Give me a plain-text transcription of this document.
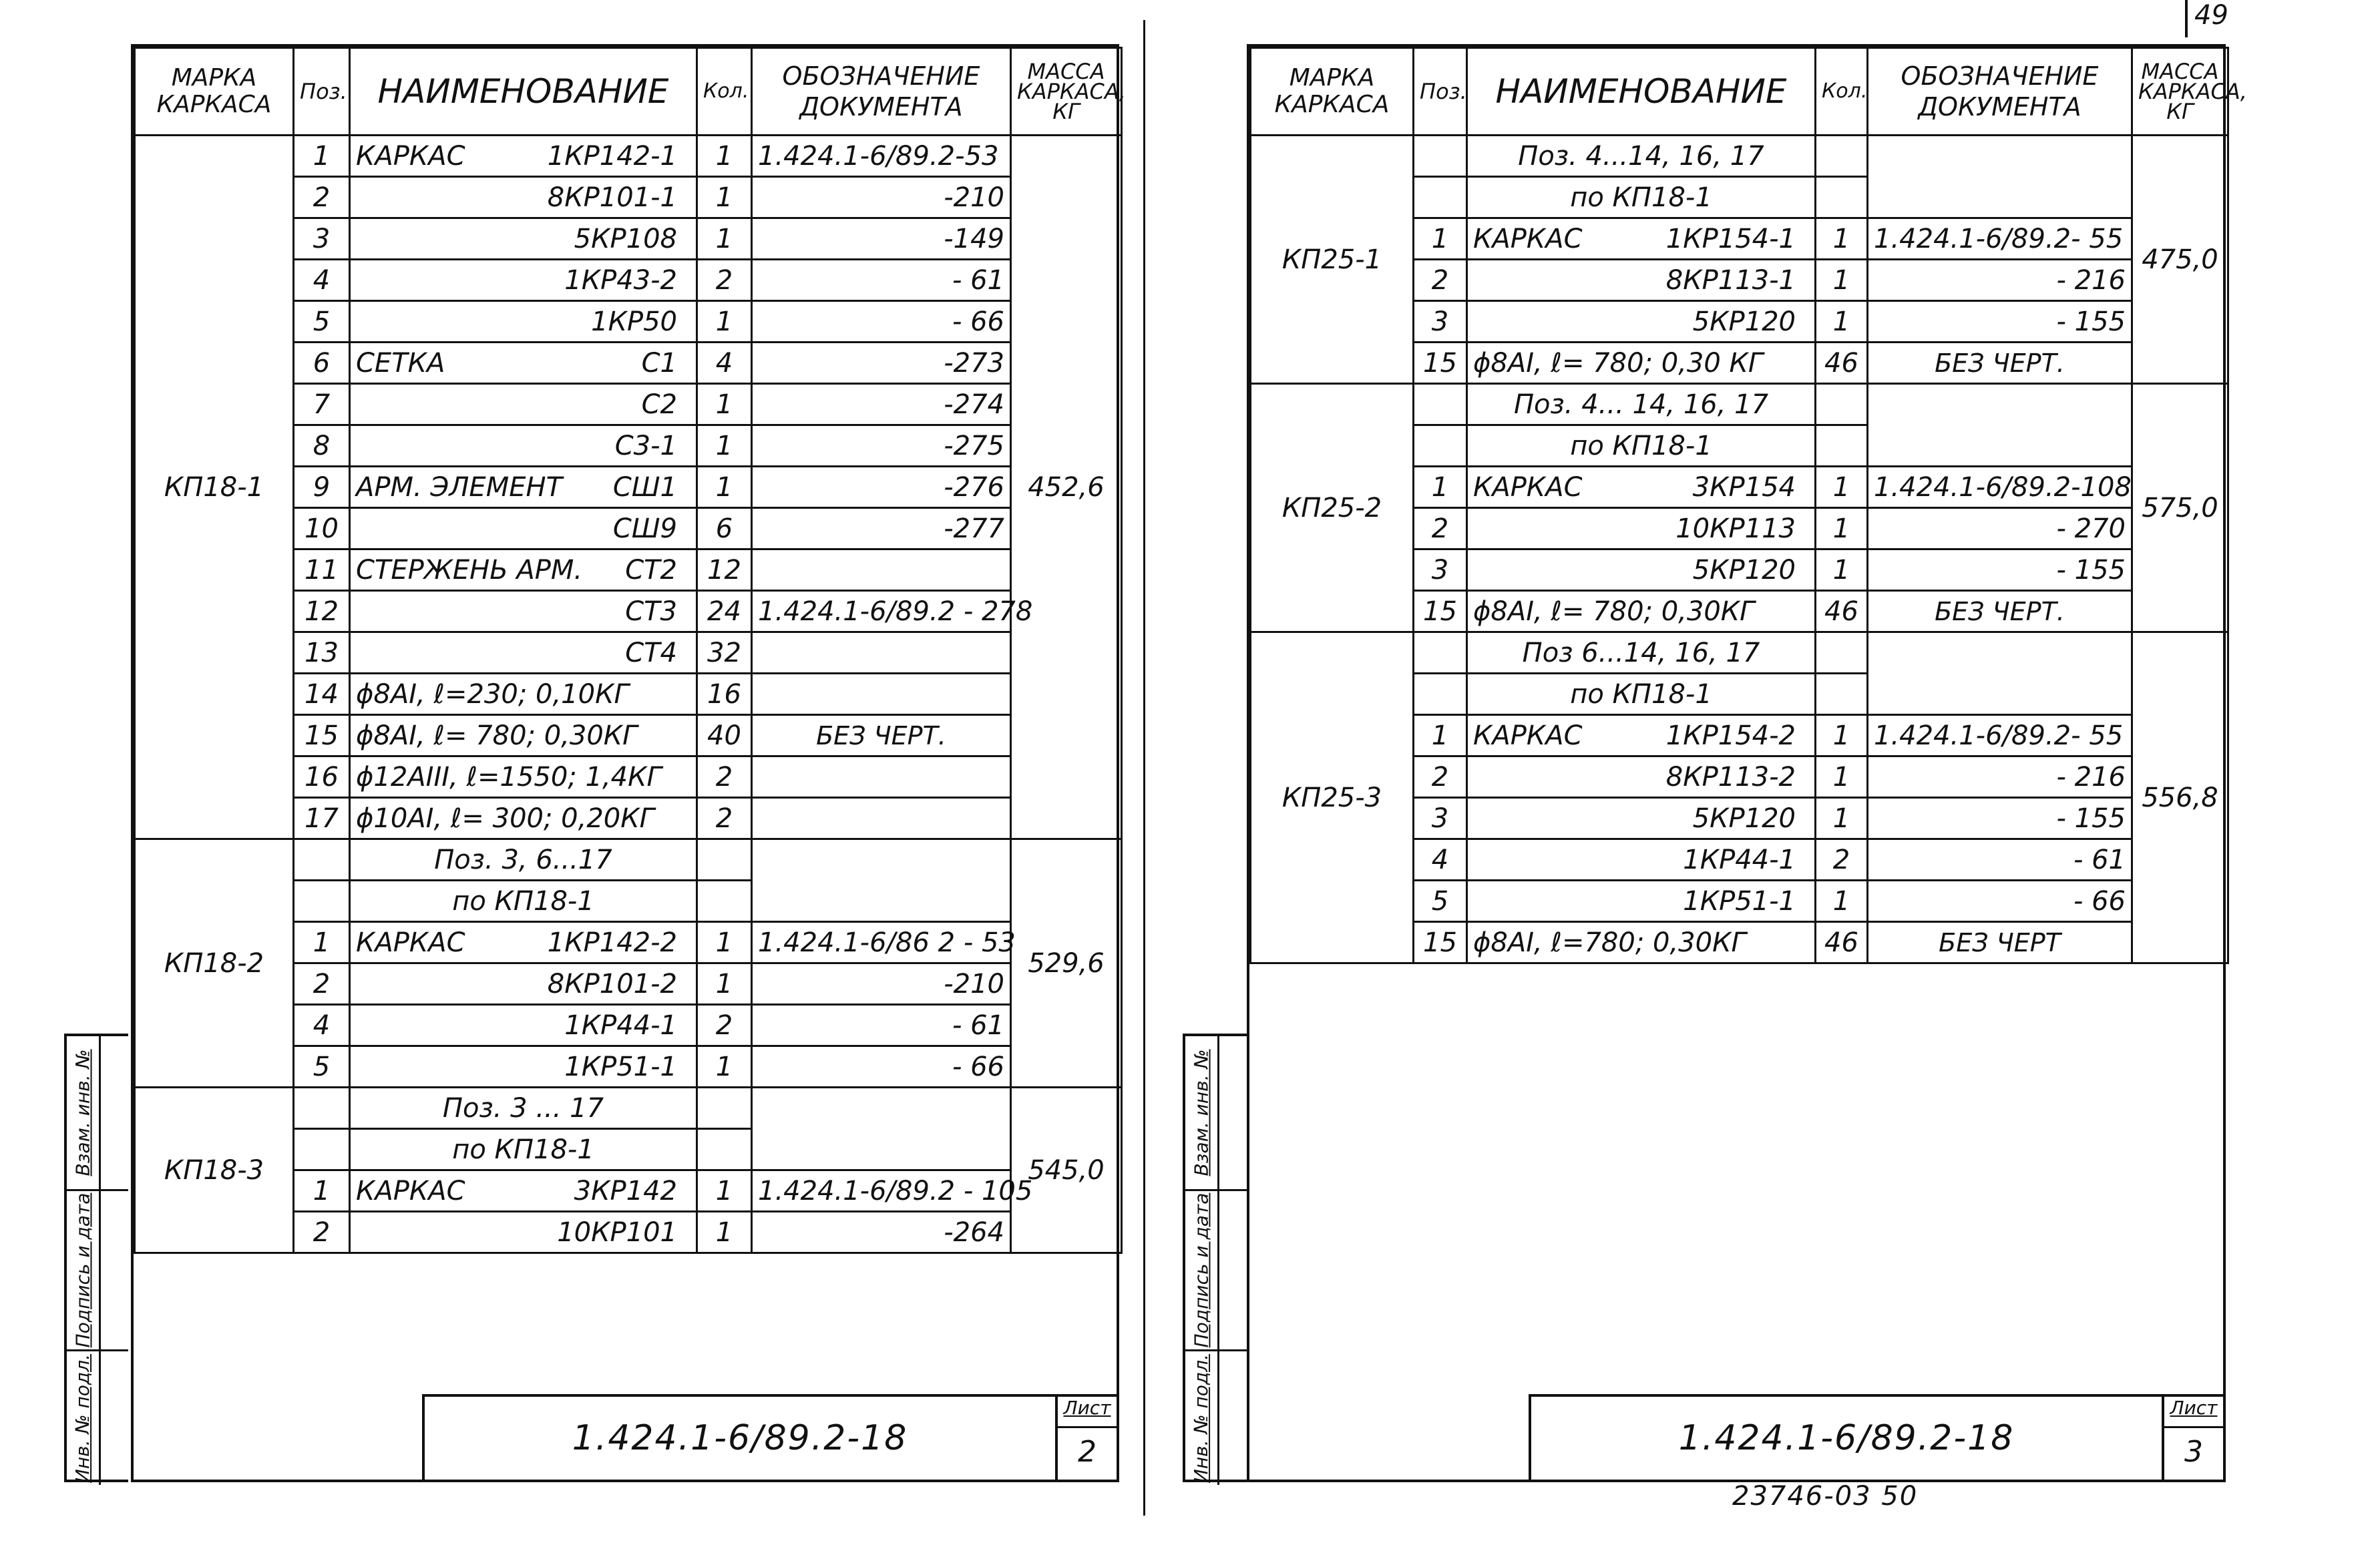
49
Взам. инв. №
Подпись и дата
Инв. № подл.
Взам. инв. №
Подпись и дата
Инв. № подл.
МАРКА КАРКАСА	Поз.	НАИМЕНОВАНИЕ	Кол.	ОБОЗНАЧЕНИЕ ДОКУМЕНТА	МАССА КАРКАСА, КГ
КП18-1	1	КАРКАС 1КР142-1	1	1.424.1-6/89.2-53	452,6
	2	8КР101-1	1	-210	
	3	5КР108	1	-149	
	4	1КР43-2	2	- 61	
	5	1КР50	1	- 66	
	6	СЕТКА С1	4	-273	
	7	С2	1	-274	
	8	С3-1	1	-275	
	9	АРМ. ЭЛЕМЕНТ СШ1	1	-276	
	10	СШ9	6	-277	
	11	СТЕРЖЕНЬ АРМ. СТ2	12		
	12	СТ3	24	1.424.1-6/89.2 - 278	
	13	СТ4	32		
	14	ϕ8AI, ℓ=230; 0,10КГ	16		
	15	ϕ8AI, ℓ= 780; 0,30КГ	40	БЕЗ ЧЕРТ.	
	16	ϕ12AIII, ℓ=1550; 1,4КГ	2		
	17	ϕ10AI, ℓ= 300; 0,20КГ	2		
КП18-2		Поз. 3, 6...17			529,6
		по КП18-1			
	1	КАРКАС 1КР142-2	1	1.424.1-6/86 2 - 53	
	2	8КР101-2	1	-210	
	4	1КР44-1	2	- 61	
	5	1КР51-1	1	- 66	
КП18-3		Поз. 3 ... 17			545,0
		по КП18-1			
	1	КАРКАС 3КР142	1	1.424.1-6/89.2 - 105	
	2	10КР101	1	-264	
1.424.1-6/89.2-18
Лист
2
МАРКА КАРКАСА	Поз.	НАИМЕНОВАНИЕ	Кол.	ОБОЗНАЧЕНИЕ ДОКУМЕНТА	МАССА КАРКАСА, КГ
КП25-1		Поз. 4...14, 16, 17			475,0
		по КП18-1			
	1	КАРКАС 1КР154-1	1	1.424.1-6/89.2- 55	
	2	8КР113-1	1	- 216	
	3	5КР120	1	- 155	
	15	ϕ8AI, ℓ= 780; 0,30 КГ	46	БЕЗ ЧЕРТ.	
КП25-2		Поз. 4... 14, 16, 17			575,0
		по КП18-1			
	1	КАРКАС 3КР154	1	1.424.1-6/89.2-108	
	2	10КР113	1	- 270	
	3	5КР120	1	- 155	
	15	ϕ8AI, ℓ= 780; 0,30КГ	46	БЕЗ ЧЕРТ.	
КП25-3		Поз 6...14, 16, 17			556,8
		по КП18-1			
	1	КАРКАС 1КР154-2	1	1.424.1-6/89.2- 55	
	2	8КР113-2	1	- 216	
	3	5КР120	1	- 155	
	4	1КР44-1	2	- 61	
	5	1КР51-1	1	- 66	
	15	ϕ8AI, ℓ=780; 0,30КГ	46	БЕЗ ЧЕРТ	
1.424.1-6/89.2-18
Лист
3
23746-03 50
